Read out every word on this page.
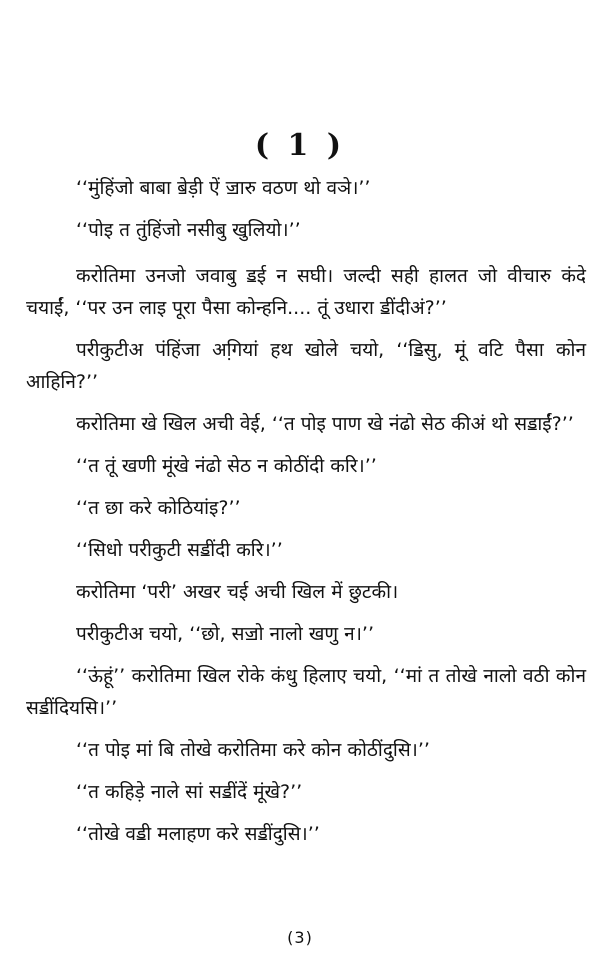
( 1 )

‘‘मुंहिंजो बाबा ॿेड़ी ऐं ॼारु वठण थो वञे।’’

‘‘पोइ त तुंहिंजो नसीबु खुलियो।’’

करोतिमा उनजो जवाबु ॾई न सघी। जल्दी सही हालत जो वीचारु कंदे चयाईं, ‘‘पर उन लाइ पूरा पैसा कोन्हनि.... तूं उधारा ॾींदीअं?’’

परीकुटीअ पंहिंजा अगि़यां हथ खोले चयो, ‘‘ॾिसु, मूं वटि पैसा कोन आहिनि?’’

करोतिमा खे खिल अची वेई, ‘‘त पोइ पाण खे नंढो सेठ कीअं थो सॾाईं?’’

‘‘त तूं खणी मूंखे नंढो सेठ न कोठींदी करि।’’

‘‘त छा करे कोठियांइ?’’

‘‘सिधो परीकुटी सॾींदी करि।’’

करोतिमा ‘परी’ अखर चई अची खिल में छुटकी।

परीकुटीअ चयो, ‘‘छो, सॼो नालो खणु न।’’

‘‘ऊंहूं’’ करोतिमा खिल रोके कंधु हिलाए चयो, ‘‘मां त तोखे नालो वठी कोन सॾींदियसि।’’

‘‘त पोइ मां बि तोखे करोतिमा करे कोन कोठींदुसि।’’

‘‘त कहिड़े नाले सां सॾींदें मूंखे?’’

‘‘तोखे वॾी मलाहण करे सॾींदुसि।’’

(3)
